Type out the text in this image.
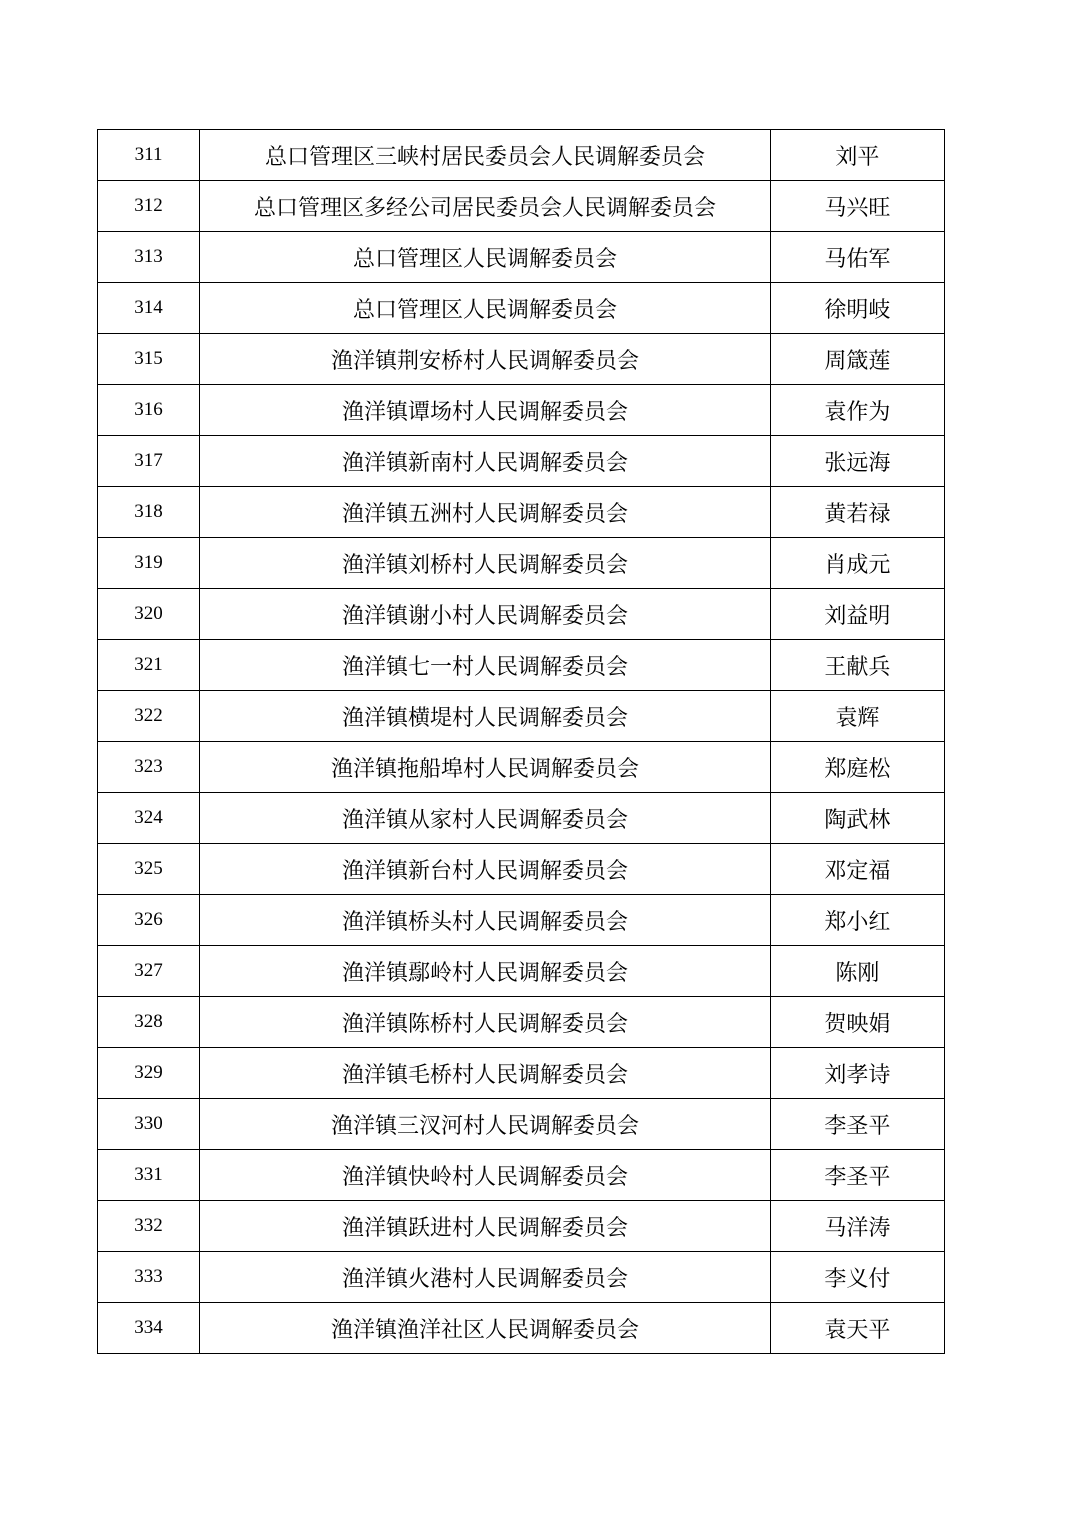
311	总口管理区三峡村居民委员会人民调解委员会	刘平
312	总口管理区多经公司居民委员会人民调解委员会	马兴旺
313	总口管理区人民调解委员会	马佑军
314	总口管理区人民调解委员会	徐明岐
315	渔洋镇荆安桥村人民调解委员会	周箴莲
316	渔洋镇谭场村人民调解委员会	袁作为
317	渔洋镇新南村人民调解委员会	张远海
318	渔洋镇五洲村人民调解委员会	黄若禄
319	渔洋镇刘桥村人民调解委员会	肖成元
320	渔洋镇谢小村人民调解委员会	刘益明
321	渔洋镇七一村人民调解委员会	王献兵
322	渔洋镇横堤村人民调解委员会	袁辉
323	渔洋镇拖船埠村人民调解委员会	郑庭松
324	渔洋镇从家村人民调解委员会	陶武林
325	渔洋镇新台村人民调解委员会	邓定福
326	渔洋镇桥头村人民调解委员会	郑小红
327	渔洋镇鄢岭村人民调解委员会	陈刚
328	渔洋镇陈桥村人民调解委员会	贺映娟
329	渔洋镇毛桥村人民调解委员会	刘孝诗
330	渔洋镇三汊河村人民调解委员会	李圣平
331	渔洋镇快岭村人民调解委员会	李圣平
332	渔洋镇跃进村人民调解委员会	马洋涛
333	渔洋镇火港村人民调解委员会	李义付
334	渔洋镇渔洋社区人民调解委员会	袁天平
